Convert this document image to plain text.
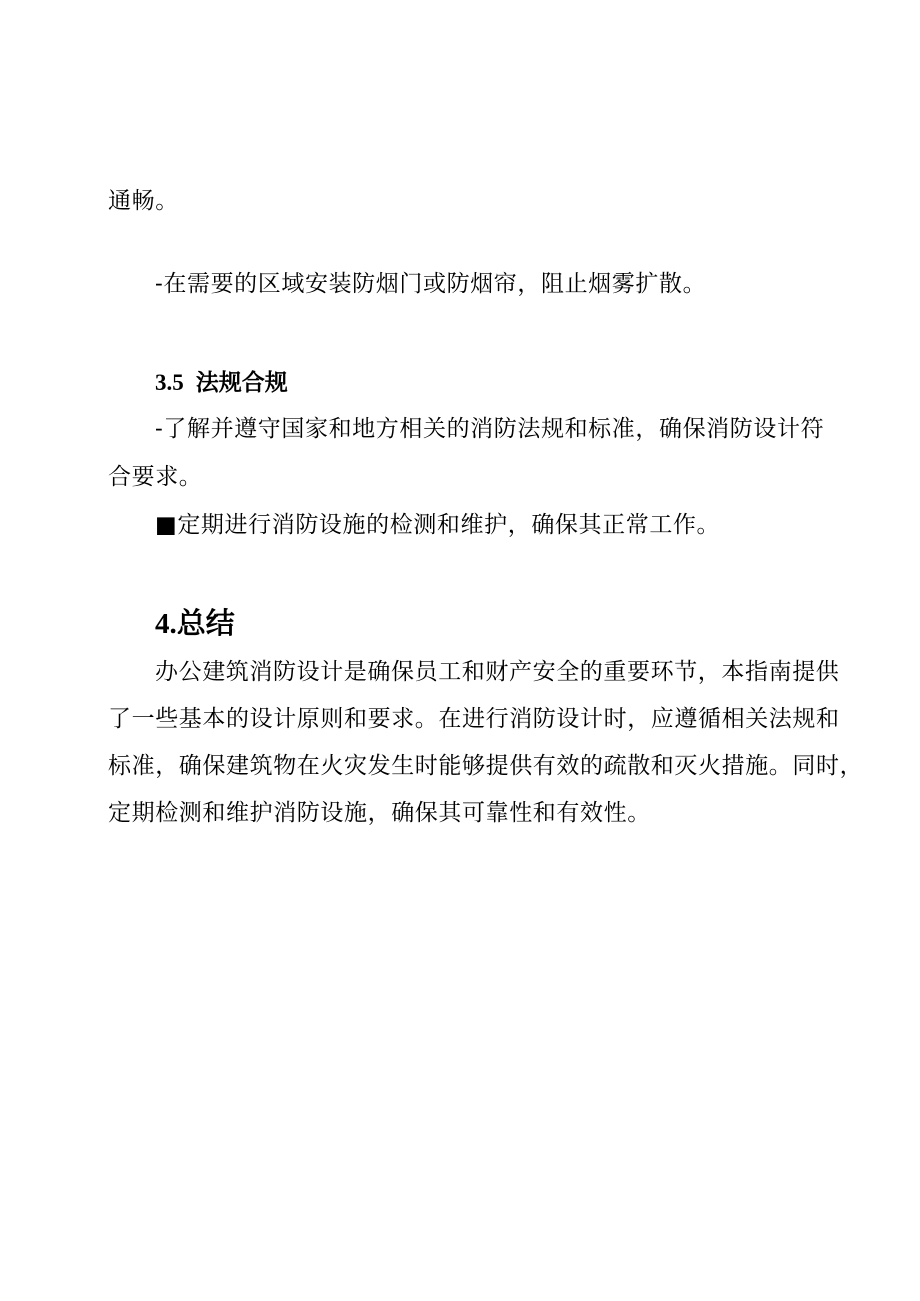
通畅。
-在需要的区域安装防烟门或防烟帘，阻止烟雾扩散。
3.5 法规合规
-了解并遵守国家和地方相关的消防法规和标准，确保消防设计符
合要求。
■定期进行消防设施的检测和维护，确保其正常工作。
4.总结
办公建筑消防设计是确保员工和财产安全的重要环节，本指南提供
了一些基本的设计原则和要求。在进行消防设计时，应遵循相关法规和
标准，确保建筑物在火灾发生时能够提供有效的疏散和灭火措施。同时，
定期检测和维护消防设施，确保其可靠性和有效性。
